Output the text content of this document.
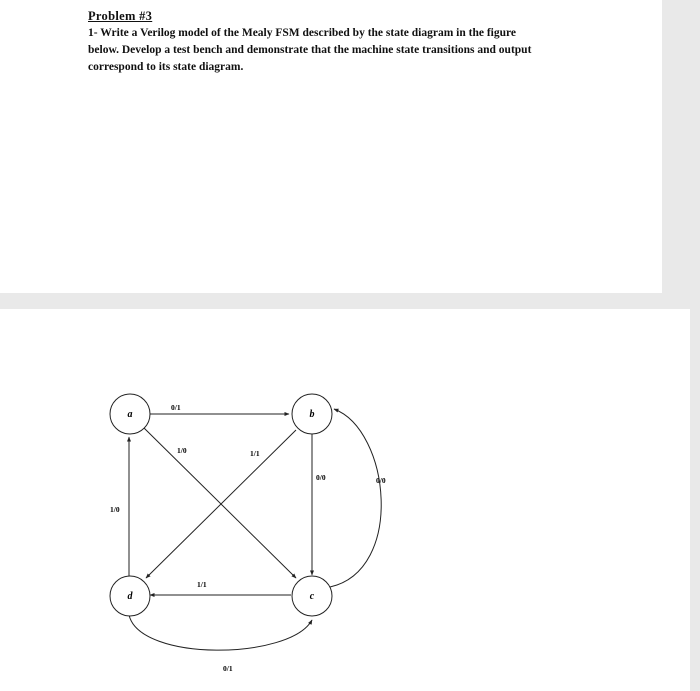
Problem #3
1- Write a Verilog model of the Mealy FSM described by the state diagram in the figure
below. Develop a test bench and demonstrate that the machine state transitions and output
correspond to its state diagram.
a	b
c
d
0/1
1/0	1/1
0/0	0/0
1/0
1/1
0/1
